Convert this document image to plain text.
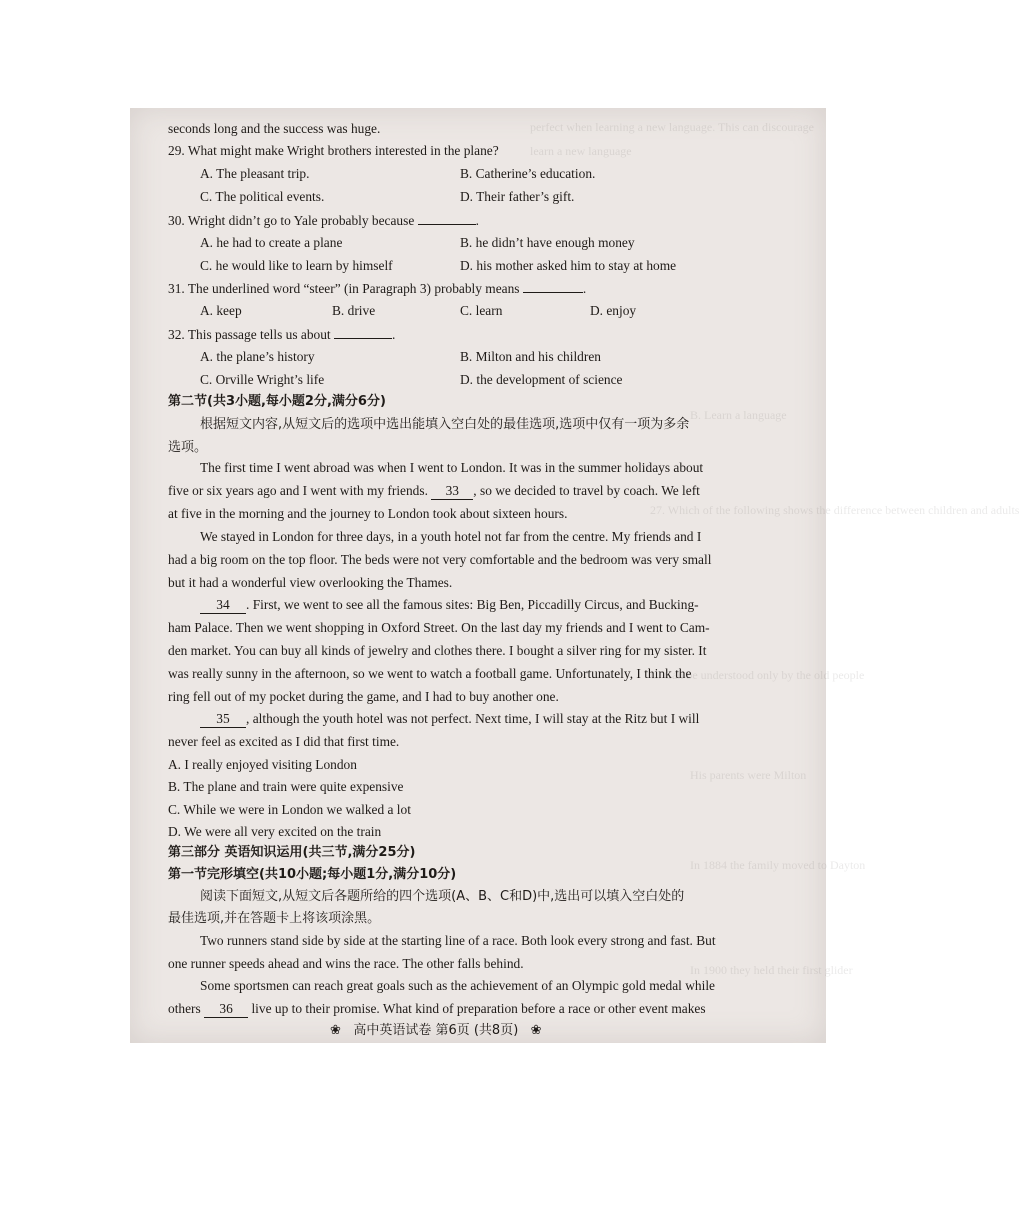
perfect when learning a new language. This can discourage
learn a new language
B. Learn a language
27. Which of the following shows the difference between children and adults
C. Can be understood only by the old people
His parents were Milton
In 1884 the family moved to Dayton
In 1900 they held their first glider
seconds long and the success was huge.
29. What might make Wright brothers interested in the plane?
A. The pleasant trip.	B. Catherine’s education.
C. The political events.	D. Their father’s gift.
30. Wright didn’t go to Yale probably because	.
A. he had to create a plane	B. he didn’t have enough money
C. he would like to learn by himself	D. his mother asked him to stay at home
31. The underlined word “steer” (in Paragraph 3) probably means	.
A. keep	B. drive	C. learn	D. enjoy
32. This passage tells us about	.
A. the plane’s history	B. Milton and his children
C. Orville Wright’s life	D. the development of science
第二节(共3小题,每小题2分,满分6分)
根据短文内容,从短文后的选项中选出能填入空白处的最佳选项,选项中仅有一项为多余
选项。
The first time I went abroad was when I went to London. It was in the summer holidays about
five or six years ago and I went with my friends. 33 , so we decided to travel by coach. We left
at five in the morning and the journey to London took about sixteen hours.
We stayed in London for three days, in a youth hotel not far from the centre. My friends and I
had a big room on the top floor. The beds were not very comfortable and the bedroom was very small
but it had a wonderful view overlooking the Thames.
34 . First, we went to see all the famous sites: Big Ben, Piccadilly Circus, and Bucking-
ham Palace. Then we went shopping in Oxford Street. On the last day my friends and I went to Cam-
den market. You can buy all kinds of jewelry and clothes there. I bought a silver ring for my sister. It
was really sunny in the afternoon, so we went to watch a football game. Unfortunately, I think the
ring fell out of my pocket during the game, and I had to buy another one.
35 , although the youth hotel was not perfect. Next time, I will stay at the Ritz but I will
never feel as excited as I did that first time.
A. I really enjoyed visiting London
B. The plane and train were quite expensive
C. While we were in London we walked a lot
D. We were all very excited on the train
第三部分 英语知识运用(共三节,满分25分)
第一节完形填空(共10小题;每小题1分,满分10分)
阅读下面短文,从短文后各题所给的四个选项(A、B、C和D)中,选出可以填入空白处的
最佳选项,并在答题卡上将该项涂黑。
Two runners stand side by side at the starting line of a race. Both look every strong and fast. But
one runner speeds ahead and wins the race. The other falls behind.
Some sportsmen can reach great goals such as the achievement of an Olympic gold medal while
others 36 live up to their promise. What kind of preparation before a race or other event makes
❀ 高中英语试卷 第6页 (共8页) ❀
